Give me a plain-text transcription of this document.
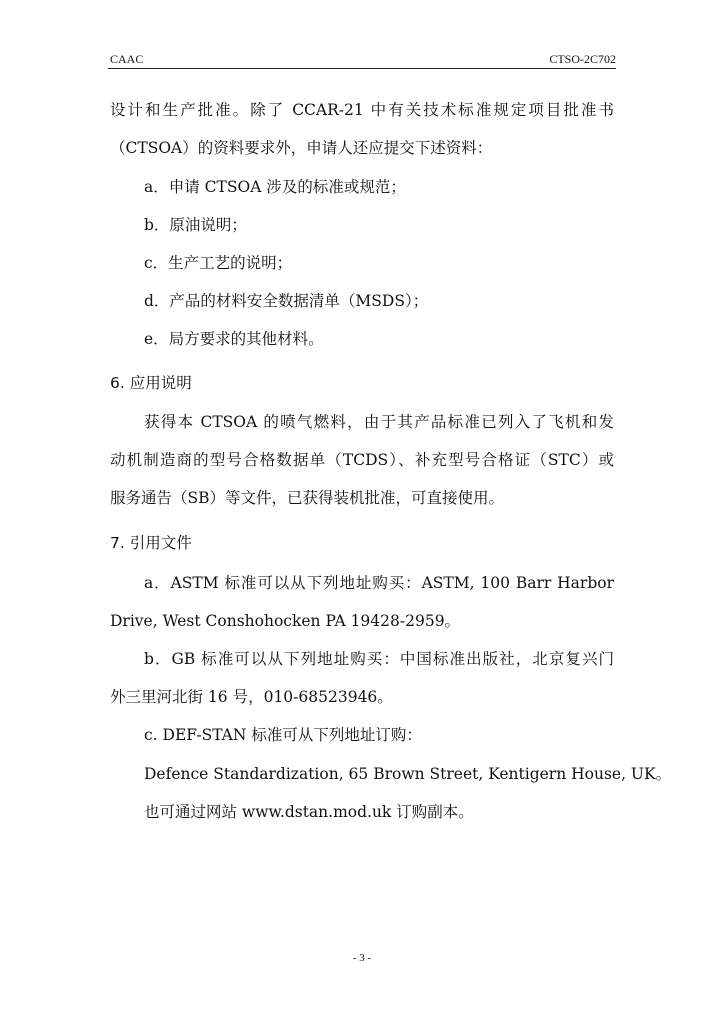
CAAC	CTSO-2C702
设计和生产批准。除了 CCAR-21 中有关技术标准规定项目批准书
（CTSOA）的资料要求外，申请人还应提交下述资料：
a．申请 CTSOA 涉及的标准或规范；
b．原油说明；
c．生产工艺的说明；
d．产品的材料安全数据清单（MSDS）；
e．局方要求的其他材料。
6. 应用说明
获得本 CTSOA 的喷气燃料，由于其产品标准已列入了飞机和发
动机制造商的型号合格数据单（TCDS）、补充型号合格证（STC）或
服务通告（SB）等文件，已获得装机批准，可直接使用。
7. 引用文件
a．ASTM 标准可以从下列地址购买：ASTM, 100 Barr Harbor
Drive, West Conshohocken PA 19428-2959。
b．GB 标准可以从下列地址购买：中国标准出版社，北京复兴门
外三里河北街 16 号，010-68523946。
c. DEF-STAN 标准可从下列地址订购：
Defence Standardization, 65 Brown Street, Kentigern House, UK。
也可通过网站 www.dstan.mod.uk 订购副本。
- 3 -
